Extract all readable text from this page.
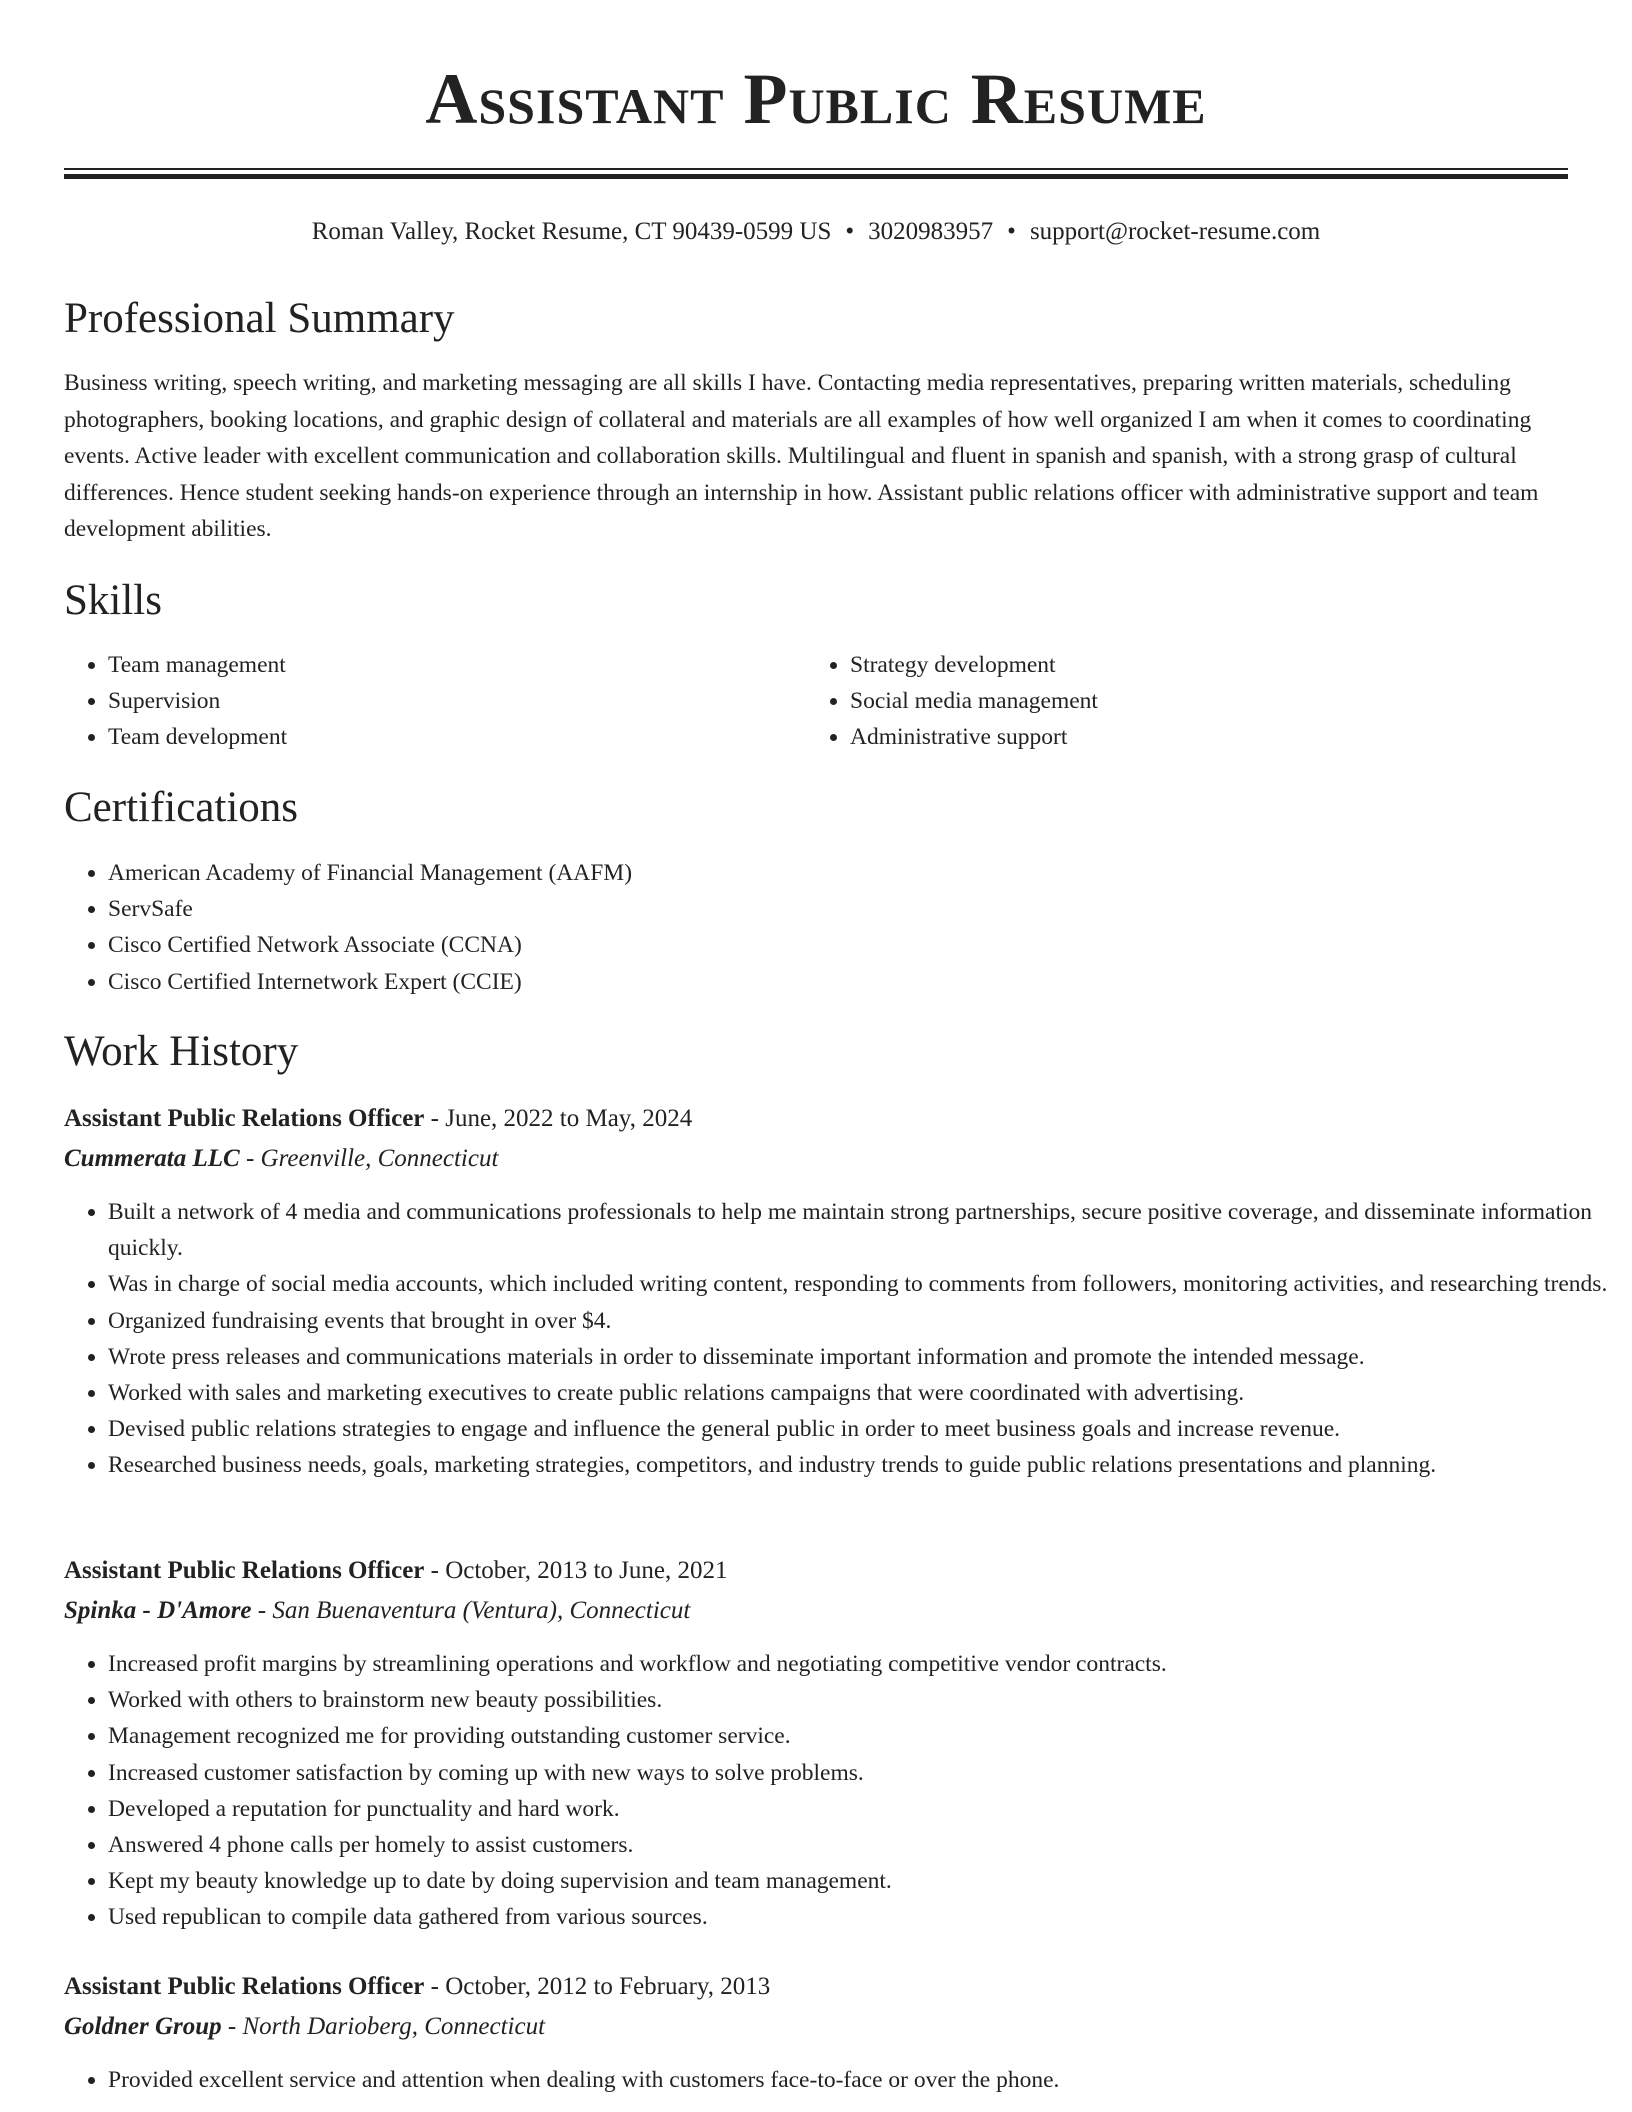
Assistant Public Resume
Roman Valley, Rocket Resume, CT 90439-0599 US • 3020983957 • support@rocket-resume.com
Professional Summary

Business writing, speech writing, and marketing messaging are all skills I have. Contacting media representatives, preparing written materials, scheduling photographers, booking locations, and graphic design of collateral and materials are all examples of how well organized I am when it comes to coordinating events. Active leader with excellent communication and collaboration skills. Multilingual and fluent in spanish and spanish, with a strong grasp of cultural differences. Hence student seeking hands-on experience through an internship in how. Assistant public relations officer with administrative support and team development abilities.

Skills
• Team management
• Supervision
• Team development
• Strategy development
• Social media management
• Administrative support
Certifications
• American Academy of Financial Management (AAFM)
• ServSafe
• Cisco Certified Network Associate (CCNA)
• Cisco Certified Internetwork Expert (CCIE)
Work History
Assistant Public Relations Officer - June, 2022 to May, 2024
Cummerata LLC - Greenville, Connecticut
• Built a network of 4 media and communications professionals to help me maintain strong partnerships, secure positive coverage, and disseminate information quickly.
• Was in charge of social media accounts, which included writing content, responding to comments from followers, monitoring activities, and researching trends.
• Organized fundraising events that brought in over $4.
• Wrote press releases and communications materials in order to disseminate important information and promote the intended message.
• Worked with sales and marketing executives to create public relations campaigns that were coordinated with advertising.
• Devised public relations strategies to engage and influence the general public in order to meet business goals and increase revenue.
• Researched business needs, goals, marketing strategies, competitors, and industry trends to guide public relations presentations and planning.
Assistant Public Relations Officer - October, 2013 to June, 2021
Spinka - D'Amore - San Buenaventura (Ventura), Connecticut
• Increased profit margins by streamlining operations and workflow and negotiating competitive vendor contracts.
• Worked with others to brainstorm new beauty possibilities.
• Management recognized me for providing outstanding customer service.
• Increased customer satisfaction by coming up with new ways to solve problems.
• Developed a reputation for punctuality and hard work.
• Answered 4 phone calls per homely to assist customers.
• Kept my beauty knowledge up to date by doing supervision and team management.
• Used republican to compile data gathered from various sources.
Assistant Public Relations Officer - October, 2012 to February, 2013
Goldner Group - North Darioberg, Connecticut
• Provided excellent service and attention when dealing with customers face-to-face or over the phone.
